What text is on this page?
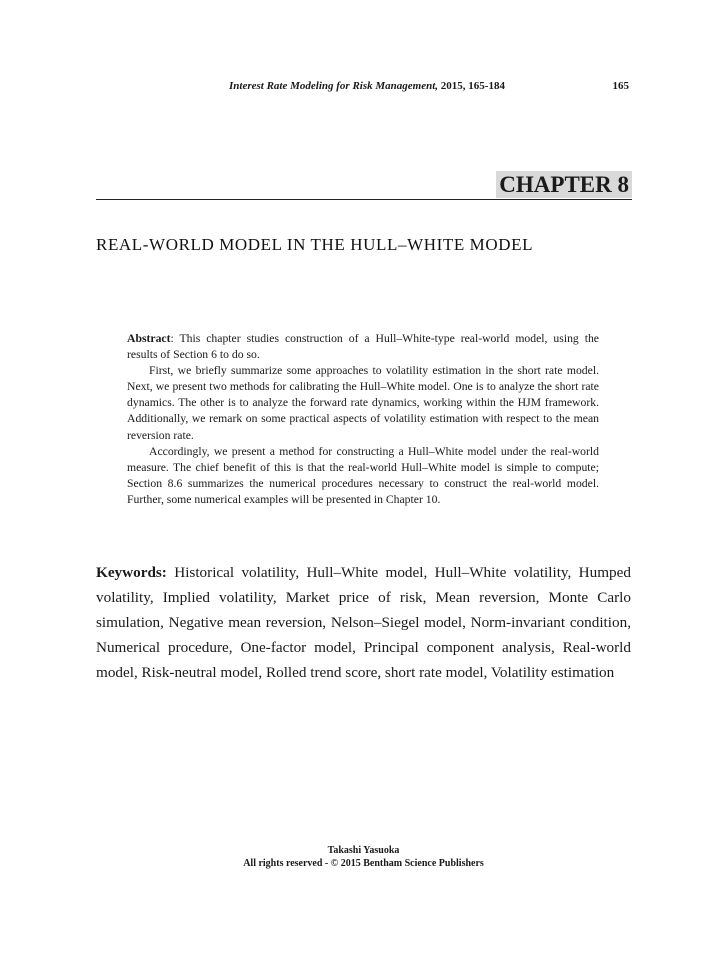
Interest Rate Modeling for Risk Management, 2015, 165-184	165
CHAPTER 8
REAL-WORLD MODEL IN THE HULL–WHITE MODEL

Abstract: This chapter studies construction of a Hull–White-type real-world model, using the results of Section 6 to do so.

First, we briefly summarize some approaches to volatility estimation in the short rate model. Next, we present two methods for calibrating the Hull–White model. One is to analyze the short rate dynamics. The other is to analyze the forward rate dynamics, working within the HJM framework. Additionally, we remark on some practical aspects of volatility estimation with respect to the mean reversion rate.

Accordingly, we present a method for constructing a Hull–White model under the real-world measure. The chief benefit of this is that the real-world Hull–White model is simple to compute; Section 8.6 summarizes the numerical procedures necessary to construct the real-world model. Further, some numerical examples will be presented in Chapter 10.

Keywords: Historical volatility, Hull–White model, Hull–White volatility, Humped volatility, Implied volatility, Market price of risk, Mean reversion, Monte Carlo simulation, Negative mean reversion, Nelson–Siegel model, Norm-invariant condition, Numerical procedure, One-factor model, Principal component analysis, Real-world model, Risk-neutral model, Rolled trend score, short rate model, Volatility estimation

Takashi Yasuoka
All rights reserved - © 2015 Bentham Science Publishers
